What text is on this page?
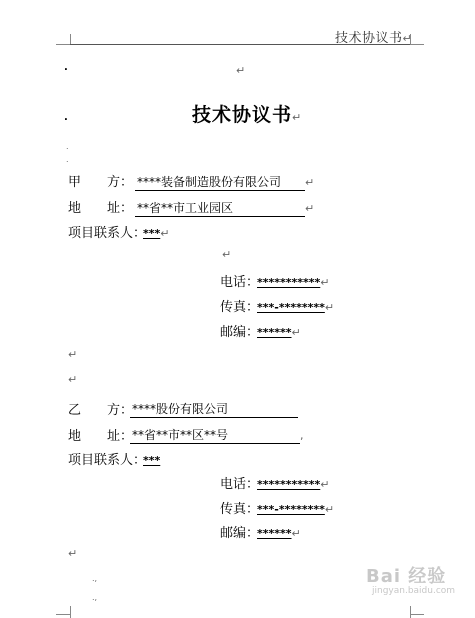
技术协议书↵
.	↵
.	技术协议书↵
.
.
甲　　方： ****装备制造股份有限公司 ↵
地　　址： **省**市工业园区	↵
项目联系人：
***↵
↵
电话：
***********↵
传真：
***-********↵
邮编：
******↵
↵
↵
乙　　方：
****股份有限公司
地　　址：
**省**市**区**号	,
项目联系人：
***
电话：
***********↵
传真：
***-********↵
邮编：
******↵
↵
.,
.,
Bai 经验
jingyan.baidu.com
